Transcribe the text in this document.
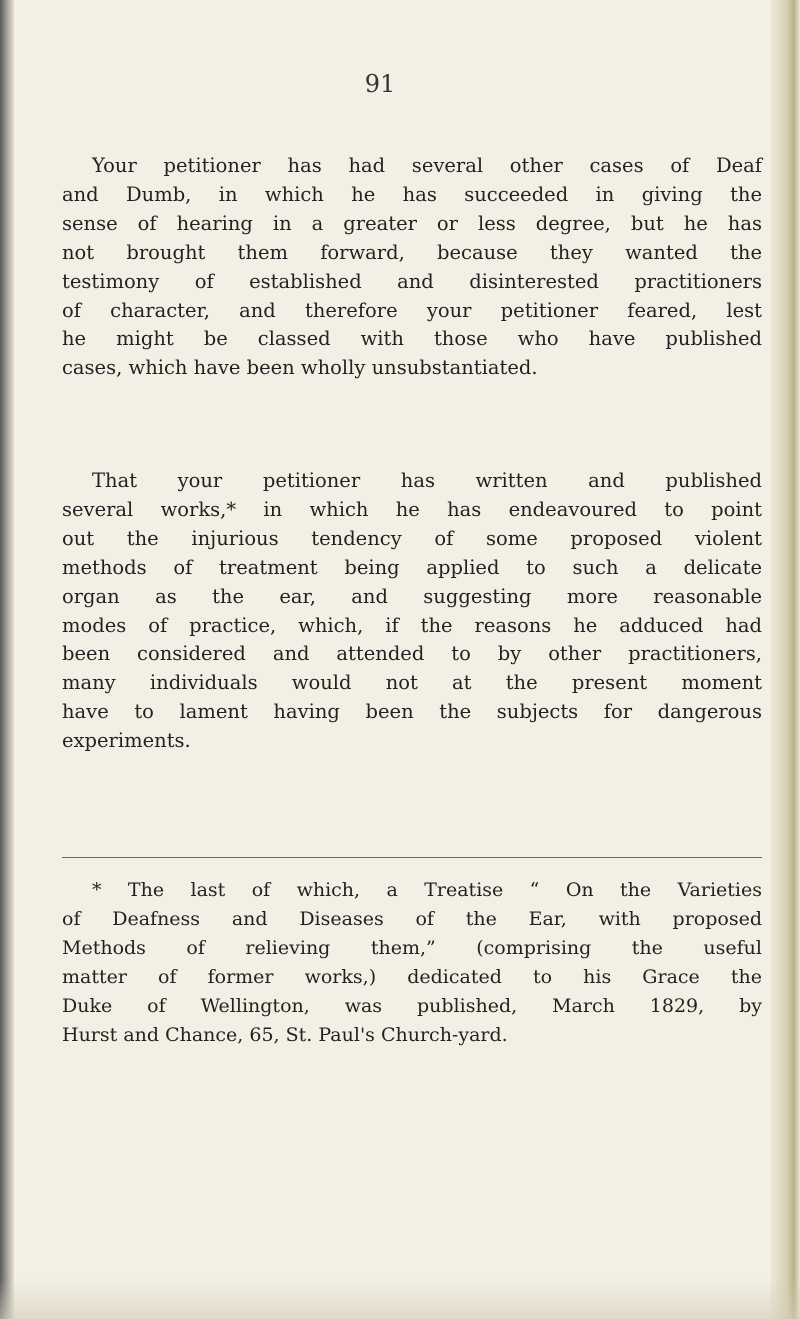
91

Your petitioner has had several other cases of Deaf
and Dumb, in which he has succeeded in giving the
sense of hearing in a greater or less degree, but he has
not brought them forward, because they wanted the
testimony of established and disinterested practitioners
of character, and therefore your petitioner feared, lest
he might be classed with those who have published
cases, which have been wholly unsubstantiated.

That your petitioner has written and published
several works,* in which he has endeavoured to point
out the injurious tendency of some proposed violent
methods of treatment being applied to such a delicate
organ as the ear, and suggesting more reasonable
modes of practice, which, if the reasons he adduced had
been considered and attended to by other practitioners,
many individuals would not at the present moment
have to lament having been the subjects for dangerous
experiments.

* The last of which, a Treatise “ On the Varieties
of Deafness and Diseases of the Ear, with proposed
Methods of relieving them,” (comprising the useful
matter of former works,) dedicated to his Grace the
Duke of Wellington, was published, March 1829, by
Hurst and Chance, 65, St. Paul's Church-yard.
